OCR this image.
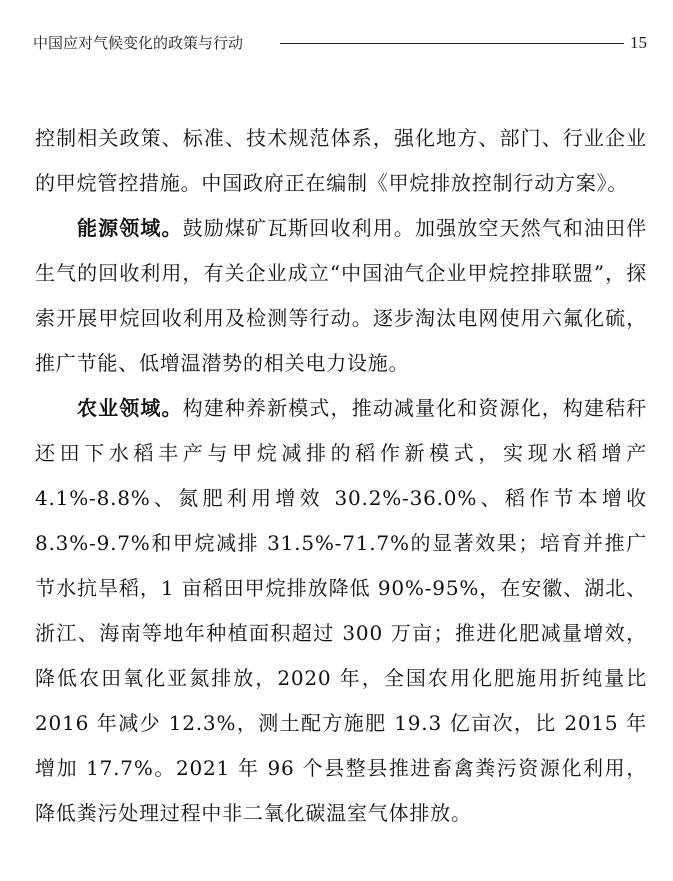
中国应对气候变化的政策与行动	15

控制相关政策、标准、技术规范体系，强化地方、部门、行业企业的甲烷管控措施。中国政府正在编制《甲烷排放控制行动方案》。

能源领域。鼓励煤矿瓦斯回收利用。加强放空天然气和油田伴生气的回收利用，有关企业成立“中国油气企业甲烷控排联盟”，探索开展甲烷回收利用及检测等行动。逐步淘汰电网使用六氟化硫，推广节能、低增温潜势的相关电力设施。

农业领域。构建种养新模式，推动减量化和资源化，构建秸秆还田下水稻丰产与甲烷减排的稻作新模式，实现水稻增产 4.1%-8.8%、氮肥利用增效 30.2%-36.0%、稻作节本增收 8.3%-9.7%和甲烷减排 31.5%-71.7%的显著效果；培育并推广节水抗旱稻，1 亩稻田甲烷排放降低 90%-95%，在安徽、湖北、浙江、海南等地年种植面积超过 300 万亩；推进化肥减量增效，降低农田氧化亚氮排放，2020 年，全国农用化肥施用折纯量比 2016 年减少 12.3%，测土配方施肥 19.3 亿亩次，比 2015 年增加 17.7%。2021 年 96 个县整县推进畜禽粪污资源化利用，降低粪污处理过程中非二氧化碳温室气体排放。
